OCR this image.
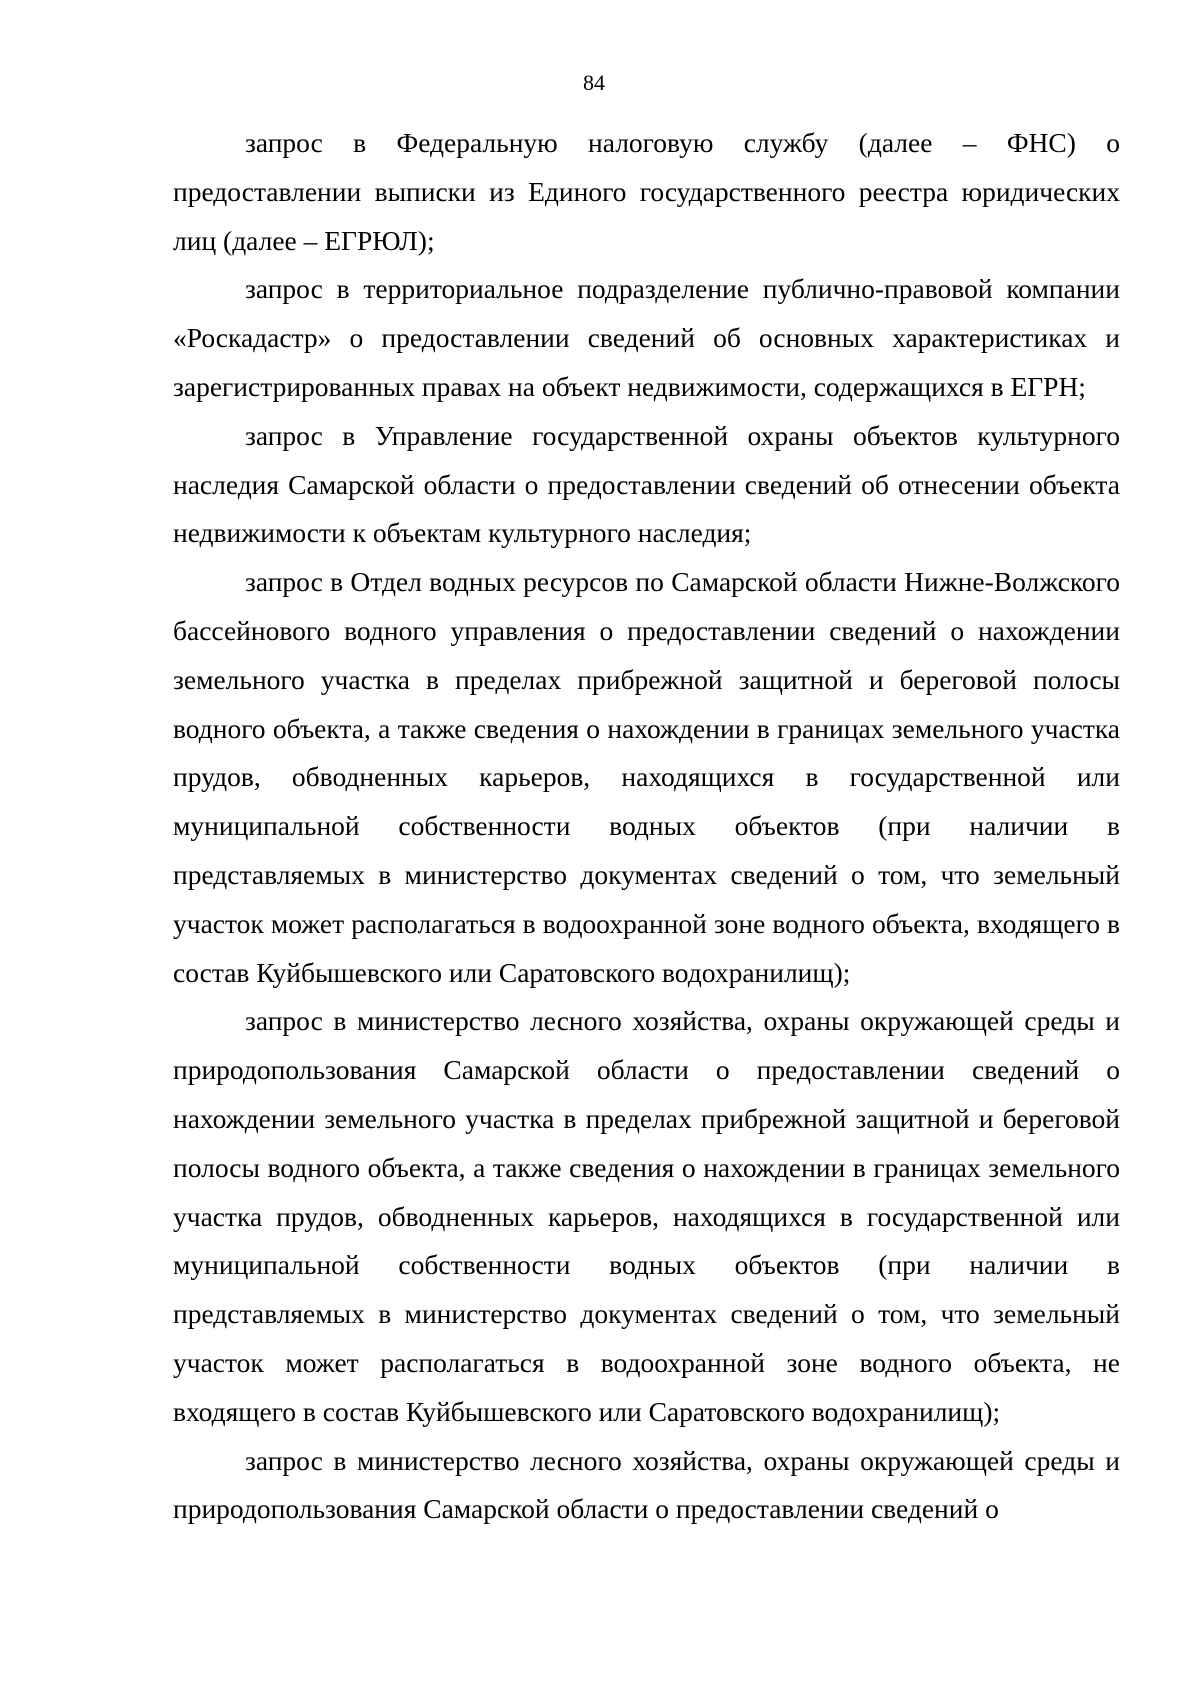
84

запрос в Федеральную налоговую службу (далее – ФНС) о предоставлении выписки из Единого государственного реестра юридических лиц (далее – ЕГРЮЛ);

запрос в территориальное подразделение публично-правовой компании «Роскадастр» о предоставлении сведений об основных характеристиках и зарегистрированных правах на объект недвижимости, содержащихся в ЕГРН;

запрос в Управление государственной охраны объектов культурного наследия Самарской области о предоставлении сведений об отнесении объекта недвижимости к объектам культурного наследия;

запрос в Отдел водных ресурсов по Самарской области Нижне-Волжского бассейнового водного управления о предоставлении сведений о нахождении земельного участка в пределах прибрежной защитной и береговой полосы водного объекта, а также сведения о нахождении в границах земельного участка прудов, обводненных карьеров, находящихся в государственной или муниципальной собственности водных объектов (при наличии в представляемых в министерство документах сведений о том, что земельный участок может располагаться в водоохранной зоне водного объекта, входящего в состав Куйбышевского или Саратовского водохранилищ);

запрос в министерство лесного хозяйства, охраны окружающей среды и природопользования Самарской области о предоставлении сведений о нахождении земельного участка в пределах прибрежной защитной и береговой полосы водного объекта, а также сведения о нахождении в границах земельного участка прудов, обводненных карьеров, находящихся в государственной или муниципальной собственности водных объектов (при наличии в представляемых в министерство документах сведений о том, что земельный участок может располагаться в водоохранной зоне водного объекта, не входящего в состав Куйбышевского или Саратовского водохранилищ);

запрос в министерство лесного хозяйства, охраны окружающей среды и природопользования Самарской области о предоставлении сведений о
